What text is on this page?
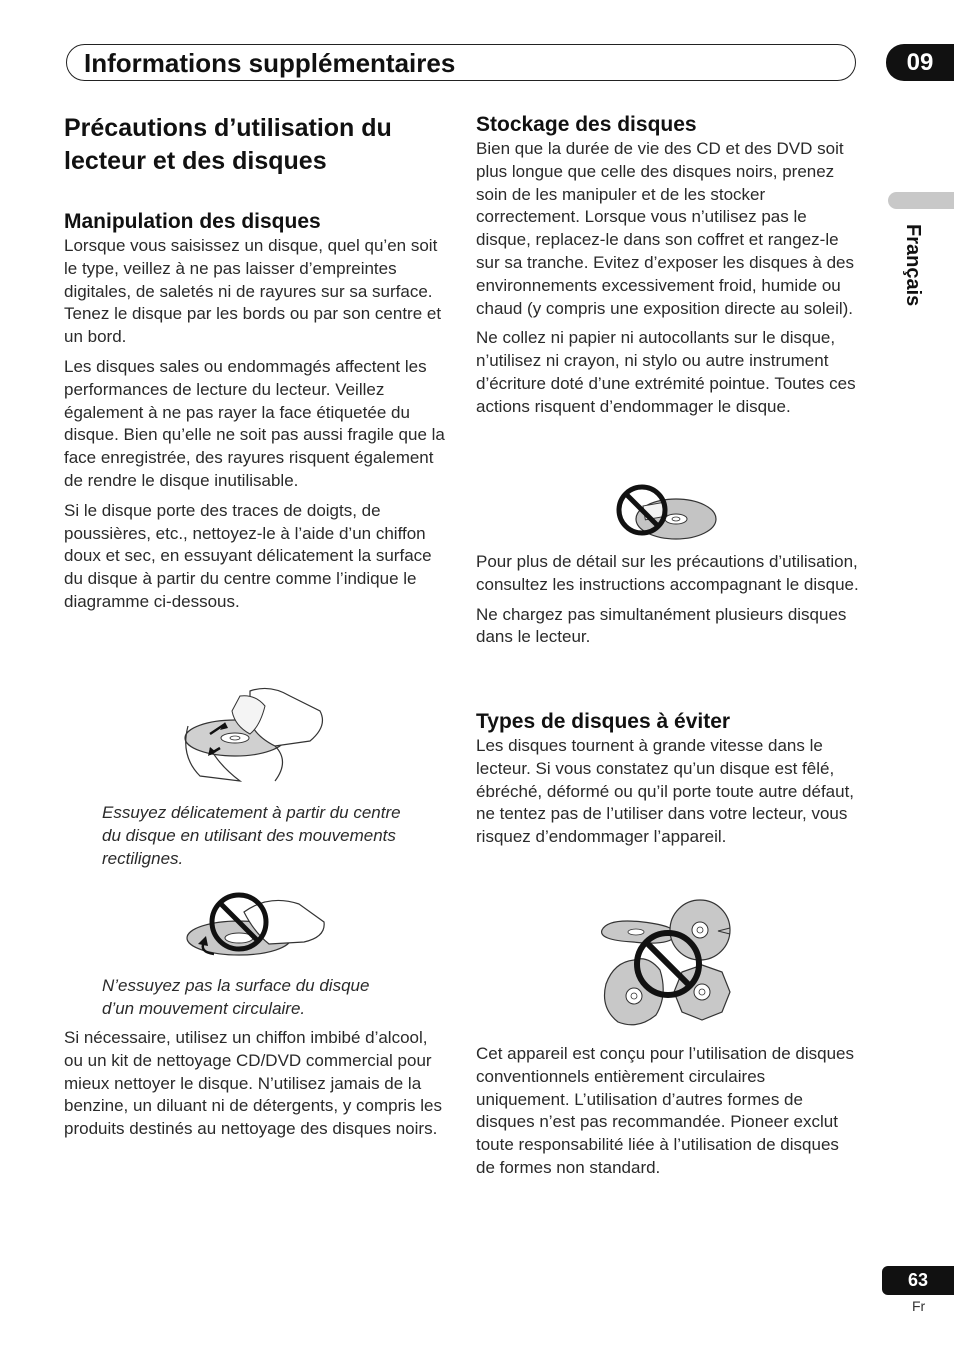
Informations supplémentaires	09
Français
Précautions d’utilisation du lecteur et des disques
Manipulation des disques

Lorsque vous saisissez un disque, quel qu’en soit le type, veillez à ne pas laisser d’empreintes digitales, de saletés ni de rayures sur sa surface. Tenez le disque par les bords ou par son centre et un bord.

Les disques sales ou endommagés affectent les performances de lecture du lecteur. Veillez également à ne pas rayer la face étiquetée du disque. Bien qu’elle ne soit pas aussi fragile que la face enregistrée, des rayures risquent également de rendre le disque inutilisable.

Si le disque porte des traces de doigts, de poussières, etc., nettoyez-le à l’aide d’un chiffon doux et sec, en essuyant délicatement la surface du disque à partir du centre comme l’indique le diagramme ci-dessous.

Essuyez délicatement à partir du centre du disque en utilisant des mouvements rectilignes.

N’essuyez pas la surface du disque d’un mouvement circulaire.

Si nécessaire, utilisez un chiffon imbibé d’alcool, ou un kit de nettoyage CD/DVD commercial pour mieux nettoyer le disque. N’utilisez jamais de la benzine, un diluant ni de détergents, y compris les produits destinés au nettoyage des disques noirs.

Stockage des disques

Bien que la durée de vie des CD et des DVD soit plus longue que celle des disques noirs, prenez soin de les manipuler et de les stocker correctement. Lorsque vous n’utilisez pas le disque, replacez-le dans son coffret et rangez-le sur sa tranche. Evitez d’exposer les disques à des environnements excessivement froid, humide ou chaud (y compris une exposition directe au soleil).

Ne collez ni papier ni autocollants sur le disque, n’utilisez ni crayon, ni stylo ou autre instrument d’écriture doté d’une extrémité pointue. Toutes ces actions risquent d’endommager le disque.

Pour plus de détail sur les précautions d’utilisation, consultez les instructions accompagnant le disque.

Ne chargez pas simultanément plusieurs disques dans le lecteur.

Types de disques à éviter

Les disques tournent à grande vitesse dans le lecteur. Si vous constatez qu’un disque est fêlé, ébréché, déformé ou qu’il porte toute autre défaut, ne tentez pas de l’utiliser dans votre lecteur, vous risquez d’endommager l’appareil.

Cet appareil est conçu pour l’utilisation de disques conventionnels entièrement circulaires uniquement. L’utilisation d’autres formes de disques n’est pas recommandée. Pioneer exclut toute responsabilité liée à l’utilisation de disques de formes non standard.

63
Fr
